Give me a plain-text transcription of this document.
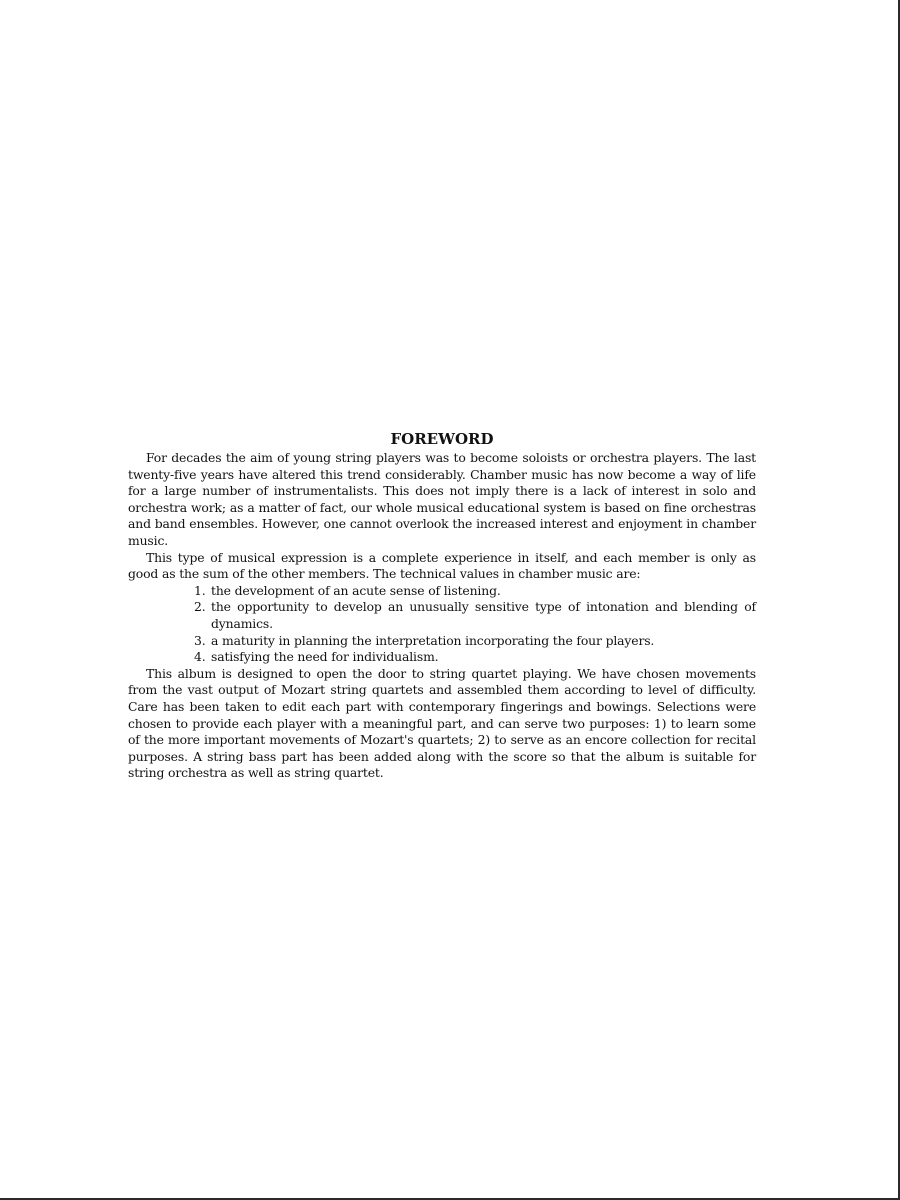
FOREWORD

For decades the aim of young string players was to become soloists or orchestra players. The last twenty-five years have altered this trend considerably. Chamber music has now become a way of life for a large number of instrumentalists. This does not imply there is a lack of interest in solo and orchestra work; as a matter of fact, our whole musical educational system is based on fine orchestras and band ensembles. However, one cannot overlook the increased interest and enjoyment in chamber music.

This type of musical expression is a complete experience in itself, and each member is only as good as the sum of the other members. The technical values in chamber music are:

1. the development of an acute sense of listening.
2. the opportunity to develop an unusually sensitive type of intonation and blending of dynamics.
3. a maturity in planning the interpretation incorporating the four players.
4. satisfying the need for individualism.

This album is designed to open the door to string quartet playing. We have chosen movements from the vast output of Mozart string quartets and assembled them according to level of difficulty. Care has been taken to edit each part with contemporary fingerings and bowings. Selections were chosen to provide each player with a meaningful part, and can serve two purposes: 1) to learn some of the more important movements of Mozart's quartets; 2) to serve as an encore collection for recital purposes. A string bass part has been added along with the score so that the album is suitable for string orchestra as well as string quartet.
